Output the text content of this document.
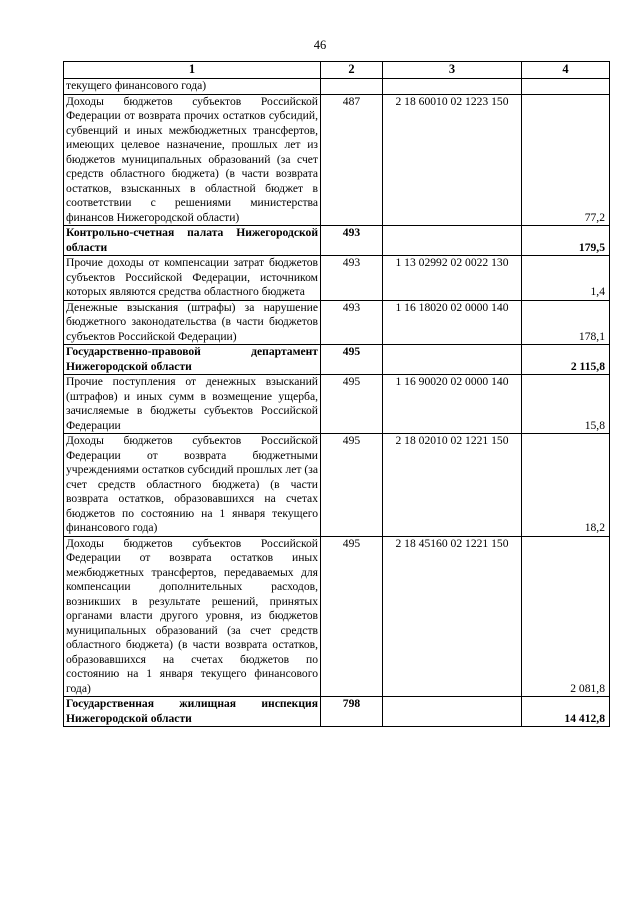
46
1	2	3	4
текущего финансового года)			
Доходы бюджетов субъектов Российской Федерации от возврата прочих остатков субсидий, субвенций и иных межбюджетных трансфертов, имеющих целевое назначение, прошлых лет из бюджетов муниципальных образований (за счет средств областного бюджета) (в части возврата остатков, взысканных в областной бюджет в соответствии с решениями министерства финансов Нижегородской области)	487	2 18 60010 02 1223 150	77,2
Контрольно-счетная палата Нижегородской области	493		179,5
Прочие доходы от компенсации затрат бюджетов субъектов Российской Федерации, источником которых являются средства областного бюджета	493	1 13 02992 02 0022 130	1,4
Денежные взыскания (штрафы) за нарушение бюджетного законодательства (в части бюджетов субъектов Российской Федерации)	493	1 16 18020 02 0000 140	178,1
Государственно-правовой департамент Нижегородской области	495		2 115,8
Прочие поступления от денежных взысканий (штрафов) и иных сумм в возмещение ущерба, зачисляемые в бюджеты субъектов Российской Федерации	495	1 16 90020 02 0000 140	15,8
Доходы бюджетов субъектов Российской Федерации от возврата бюджетными учреждениями остатков субсидий прошлых лет (за счет средств областного бюджета) (в части возврата остатков, образовавшихся на счетах бюджетов по состоянию на 1 января текущего финансового года)	495	2 18 02010 02 1221 150	18,2
Доходы бюджетов субъектов Российской Федерации от возврата остатков иных межбюджетных трансфертов, передаваемых для компенсации дополнительных расходов, возникших в результате решений, принятых органами власти другого уровня, из бюджетов муниципальных образований (за счет средств областного бюджета) (в части возврата остатков, образовавшихся на счетах бюджетов по состоянию на 1 января текущего финансового года)	495	2 18 45160 02 1221 150	2 081,8
Государственная жилищная инспекция Нижегородской области	798		14 412,8
